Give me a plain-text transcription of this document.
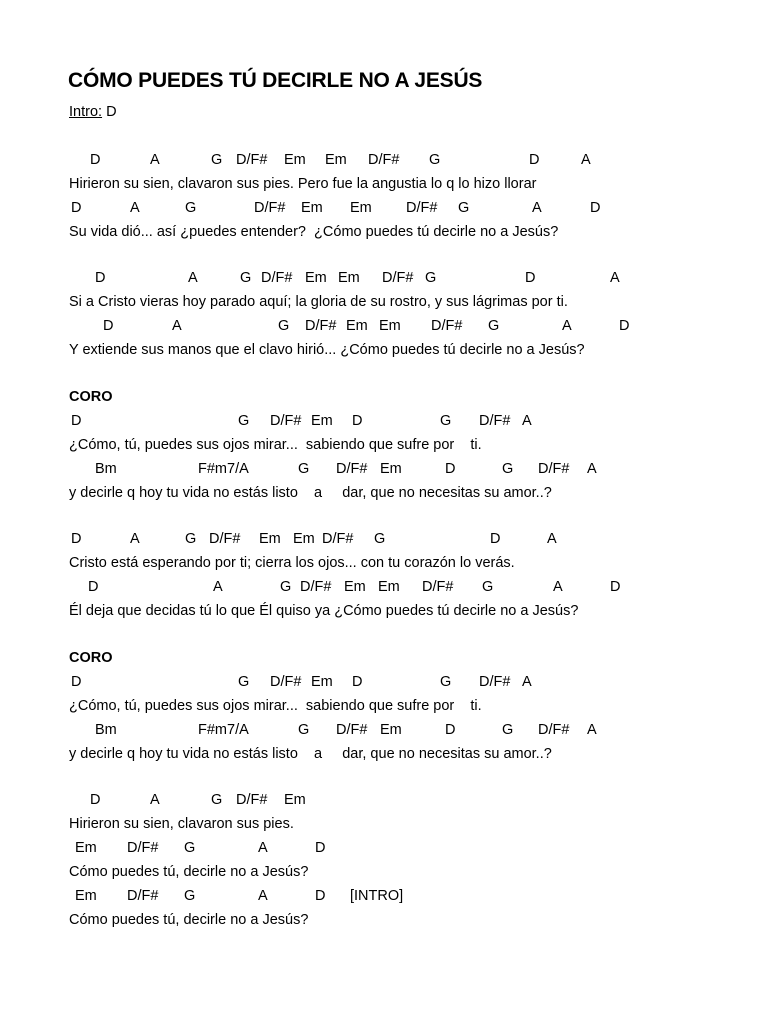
CÓMO PUEDES TÚ DECIRLE NO A JESÚS
Intro: D

D

	A

	G

D/F#

Em

Em

D/F#

G

	D

	A

Hirieron su sien, clavaron sus pies. Pero fue la angustia lo q lo hizo llorar

D

	A

	G

	D/F#

Em

Em

D/F#

G

	A

	D

Su vida dió... así ¿puedes entender?  ¿Cómo puedes tú decirle no a Jesús?

D

	A

	G

D/F#

Em

Em

D/F#

G

	D

	A

Si a Cristo vieras hoy parado aquí; la gloria de su rostro, y sus lágrimas por ti.

D

	A

	G

D/F#

Em

Em

D/F#

G

	A

	D

Y extiende sus manos que el clavo hirió... ¿Cómo puedes tú decirle no a Jesús?
CORO

D

	G

D/F#

Em

D

	G

D/F#

A

¿Cómo, tú, puedes sus ojos mirar...  sabiendo que sufre por    ti.

Bm

	F#m7/A

	G

D/F#

Em

	D

	G

D/F#

A

y decirle q hoy tu vida no estás listo    a     dar, que no necesitas su amor..?

D

	A

	G

D/F#

Em

Em

D/F#

G

	D

	A

Cristo está esperando por ti; cierra los ojos... con tu corazón lo verás.

D

	A

	G

D/F#

Em

Em

D/F#

G

	A

	D

Él deja que decidas tú lo que Él quiso ya ¿Cómo puedes tú decirle no a Jesús?
CORO

D

	G

D/F#

Em

D

	G

D/F#

A

¿Cómo, tú, puedes sus ojos mirar...  sabiendo que sufre por    ti.

Bm

	F#m7/A

	G

D/F#

Em

	D

	G

D/F#

A

y decirle q hoy tu vida no estás listo    a     dar, que no necesitas su amor..?

D

	A

	G

D/F#

Em

Hirieron su sien, clavaron sus pies.

Em

D/F#

G

	A

	D

Cómo puedes tú, decirle no a Jesús?

Em

D/F#

G

	A

	D

[INTRO]

Cómo puedes tú, decirle no a Jesús?
